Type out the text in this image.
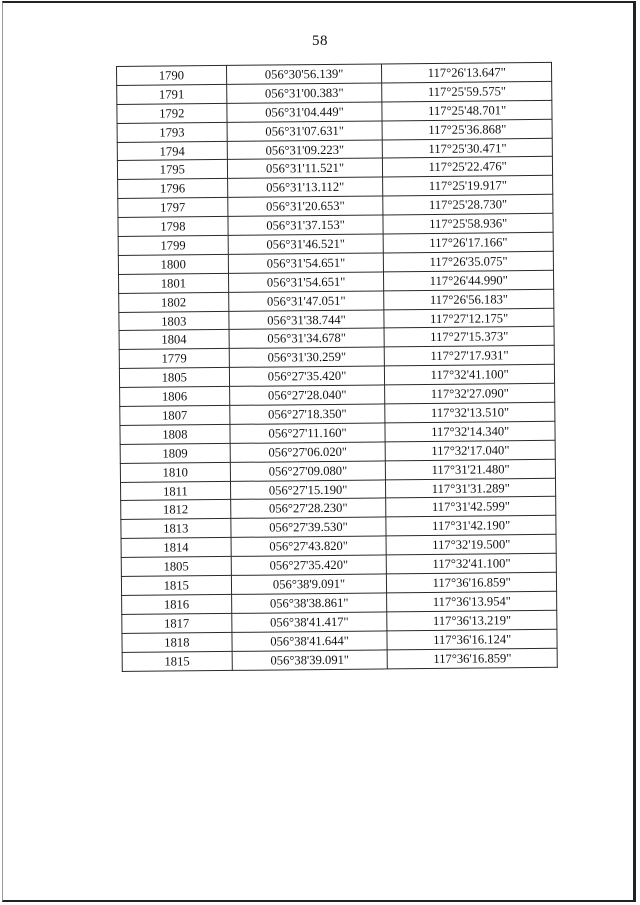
58
1790	056°30'56.139"	117°26'13.647"
1791	056°31'00.383"	117°25'59.575"
1792	056°31'04.449"	117°25'48.701"
1793	056°31'07.631"	117°25'36.868"
1794	056°31'09.223"	117°25'30.471"
1795	056°31'11.521"	117°25'22.476"
1796	056°31'13.112"	117°25'19.917"
1797	056°31'20.653"	117°25'28.730"
1798	056°31'37.153"	117°25'58.936"
1799	056°31'46.521"	117°26'17.166"
1800	056°31'54.651"	117°26'35.075"
1801	056°31'54.651"	117°26'44.990"
1802	056°31'47.051"	117°26'56.183"
1803	056°31'38.744"	117°27'12.175"
1804	056°31'34.678"	117°27'15.373"
1779	056°31'30.259"	117°27'17.931"
1805	056°27'35.420"	117°32'41.100"
1806	056°27'28.040"	117°32'27.090"
1807	056°27'18.350"	117°32'13.510"
1808	056°27'11.160"	117°32'14.340"
1809	056°27'06.020"	117°32'17.040"
1810	056°27'09.080"	117°31'21.480"
1811	056°27'15.190"	117°31'31.289"
1812	056°27'28.230"	117°31'42.599"
1813	056°27'39.530"	117°31'42.190"
1814	056°27'43.820"	117°32'19.500"
1805	056°27'35.420"	117°32'41.100"
1815	056°38'9.091"	117°36'16.859"
1816	056°38'38.861"	117°36'13.954"
1817	056°38'41.417"	117°36'13.219"
1818	056°38'41.644"	117°36'16.124"
1815	056°38'39.091"	117°36'16.859"
